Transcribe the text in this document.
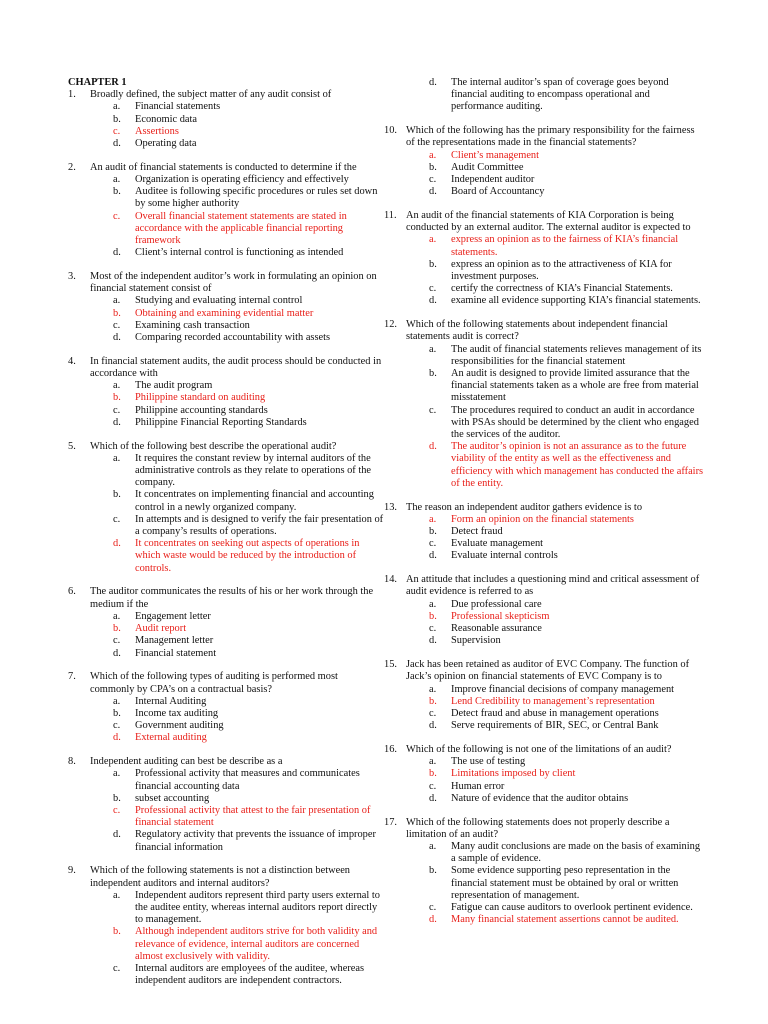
CHAPTER 1
1.	Broadly defined, the subject matter of any audit consist of
a.	Financial statements
b.	Economic data
c.	Assertions
d.	Operating data
2.	An audit of financial statements is conducted to determine if the
a.	Organization is operating efficiency and effectively
b.	Auditee is following specific procedures or rules set down by some higher authority
c.	Overall financial statement statements are stated in accordance with the applicable financial reporting framework
d.	Client’s internal control is functioning as intended
3.	Most of the independent auditor’s work in formulating an opinion on financial statement consist of
a.	Studying and evaluating internal control
b.	Obtaining and examining evidential matter
c.	Examining cash transaction
d.	Comparing recorded accountability with assets
4.	In financial statement audits, the audit process should be conducted in accordance with
a.	The audit program
b.	Philippine standard on auditing
c.	Philippine accounting standards
d.	Philippine Financial Reporting Standards
5.	Which of the following best describe the operational audit?
a.	It requires the constant review by internal auditors of the administrative controls as they relate to operations of the company.
b.	It concentrates on implementing financial and accounting control in a newly organized company.
c.	In attempts and is designed to verify the fair presentation of a company’s results of operations.
d.	It concentrates on seeking out aspects of operations in which waste would be reduced by the introduction of controls.
6.	The auditor communicates the results of his or her work through the medium if the
a.	Engagement letter
b.	Audit report
c.	Management letter
d.	Financial statement
7.	Which of the following types of auditing is performed most commonly by CPA’s on a contractual basis?
a.	Internal Auditing
b.	Income tax auditing
c.	Government auditing
d.	External auditing
8.	Independent auditing can best be describe as a
a.	Professional activity that measures and communicates financial accounting data
b.	subset accounting
c.	Professional activity that attest to the fair presentation of financial statement
d.	Regulatory activity that prevents the issuance of improper financial information
9.	Which of the following statements is not a distinction between independent auditors and internal auditors?
a.	Independent auditors represent third party users external to the auditee entity, whereas internal auditors report directly to management.
b.	Although independent auditors strive for both validity and relevance of evidence, internal auditors are concerned almost exclusively with validity.
c.	Internal auditors are employees of the auditee, whereas independent auditors are independent contractors.
d.	The internal auditor’s span of coverage goes beyond financial auditing to encompass operational and performance auditing.
10. Which of the following has the primary responsibility for the fairness of the representations made in the financial statements?
a.	Client’s management
b.	Audit Committee
c.	Independent auditor
d.	Board of Accountancy
11. An audit of the financial statements of KIA Corporation is being conducted by an external auditor. The external auditor is expected to
a.	express an opinion as to the fairness of KIA’s financial statements.
b.	express an opinion as to the attractiveness of KIA for investment purposes.
c.	certify the correctness of KIA’s Financial Statements.
d.	examine all evidence supporting KIA’s financial statements.
12. Which of the following statements about independent financial statements audit is correct?
a.	The audit of financial statements relieves management of its responsibilities for the financial statement
b.	An audit is designed to provide limited assurance that the financial statements taken as a whole are free from material misstatement
c.	The procedures required to conduct an audit in accordance with PSAs should be determined by the client who engaged the services of the auditor.
d.	The auditor’s opinion is not an assurance as to the future viability of the entity as well as the effectiveness and efficiency with which management has conducted the affairs of the entity.
13. The reason an independent auditor gathers evidence is to
a.	Form an opinion on the financial statements
b.	Detect fraud
c.	Evaluate management
d.	Evaluate internal controls
14. An attitude that includes a questioning mind and critical assessment of audit evidence is referred to as
a.	Due professional care
b.	Professional skepticism
c.	Reasonable assurance
d.	Supervision
15. Jack has been retained as auditor of EVC Company. The function of Jack’s opinion on financial statements of EVC Company is to
a.	Improve financial decisions of company management
b.	Lend Credibility to management’s representation
c.	Detect fraud and abuse in management operations
d.	Serve requirements of BIR, SEC, or Central Bank
16. Which of the following is not one of the limitations of an audit?
a.	The use of testing
b.	Limitations imposed by client
c.	Human error
d.	Nature of evidence that the auditor obtains
17. Which of the following statements does not properly describe a limitation of an audit?
a.	Many audit conclusions are made on the basis of examining a sample of evidence.
b.	Some evidence supporting peso representation in the financial statement must be obtained by oral or written representation of management.
c.	Fatigue can cause auditors to overlook pertinent evidence.
d.	Many financial statement assertions cannot be audited.
